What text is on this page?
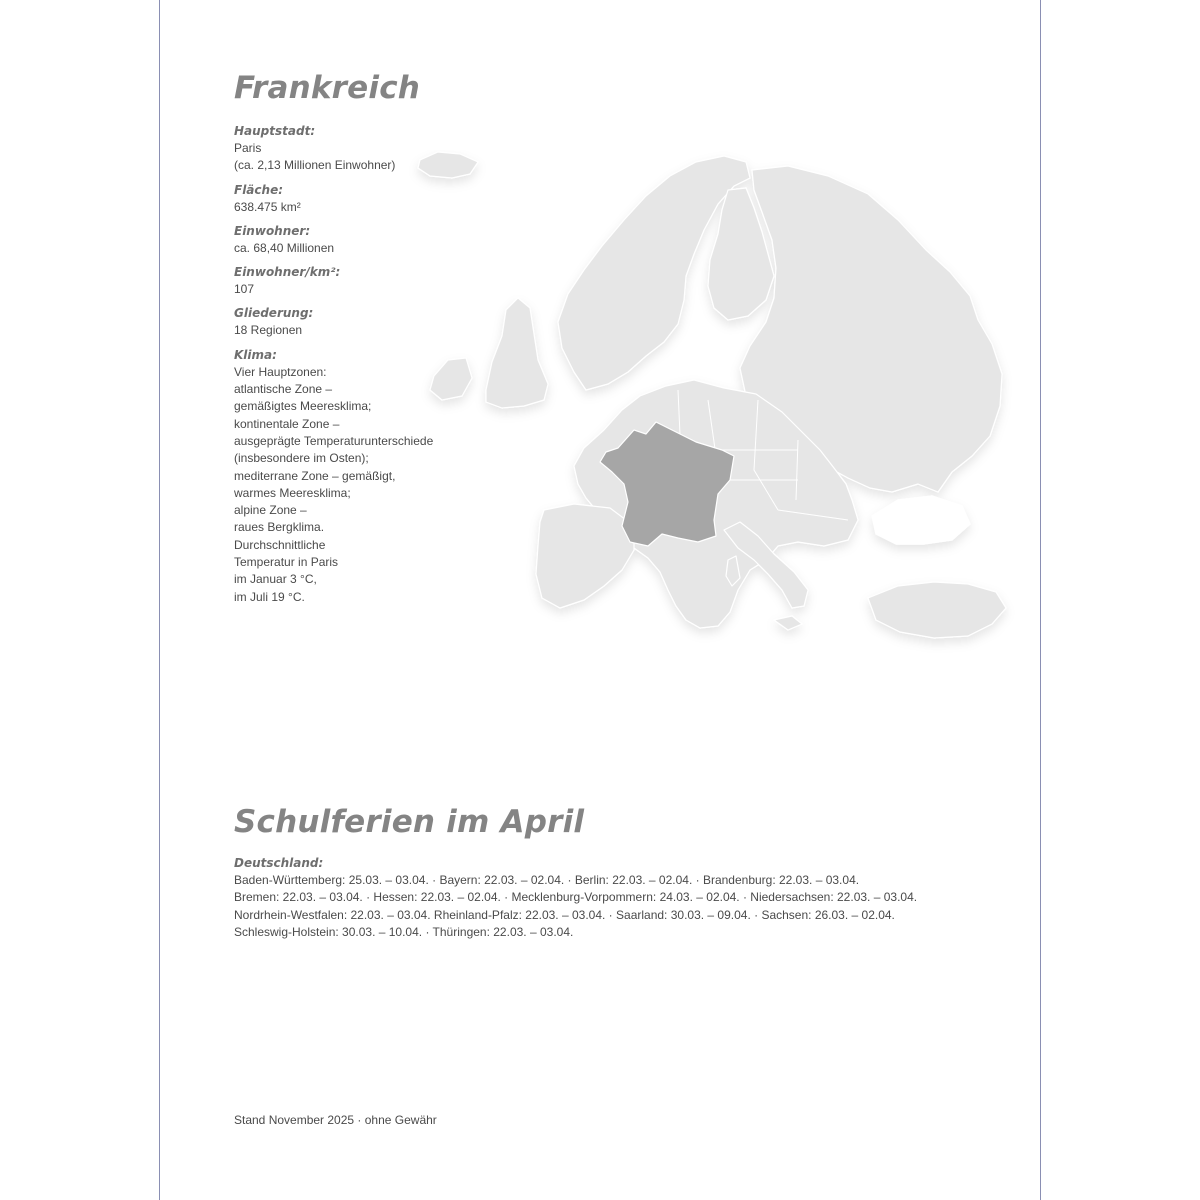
Frankreich
Hauptstadt:
Paris
(ca. 2,13 Millionen Einwohner)
Fläche:
638.475 km²
Einwohner:
ca. 68,40 Millionen
Einwohner/km²:
107
Gliederung:
18 Regionen
Klima:
Vier Hauptzonen:
atlantische Zone –
gemäßigtes Meeresklima;
kontinentale Zone –
ausgeprägte Temperaturunterschiede
(insbesondere im Osten);
mediterrane Zone – gemäßigt,
warmes Meeresklima;
alpine Zone –
raues Bergklima.
Durchschnittliche
Temperatur in Paris
im Januar 3 °C,
im Juli 19 °C.
Schulferien im April
Deutschland:
Baden-Württemberg: 25.03. – 03.04. · Bayern: 22.03. – 02.04. · Berlin: 22.03. – 02.04. · Brandenburg: 22.03. – 03.04.
Bremen: 22.03. – 03.04. · Hessen: 22.03. – 02.04. · Mecklenburg-Vorpommern: 24.03. – 02.04. · Niedersachsen: 22.03. – 03.04.
Nordrhein-Westfalen: 22.03. – 03.04. Rheinland-Pfalz: 22.03. – 03.04. · Saarland: 30.03. – 09.04. · Sachsen: 26.03. – 02.04.
Schleswig-Holstein: 30.03. – 10.04. · Thüringen: 22.03. – 03.04.
Stand November 2025 · ohne Gewähr
